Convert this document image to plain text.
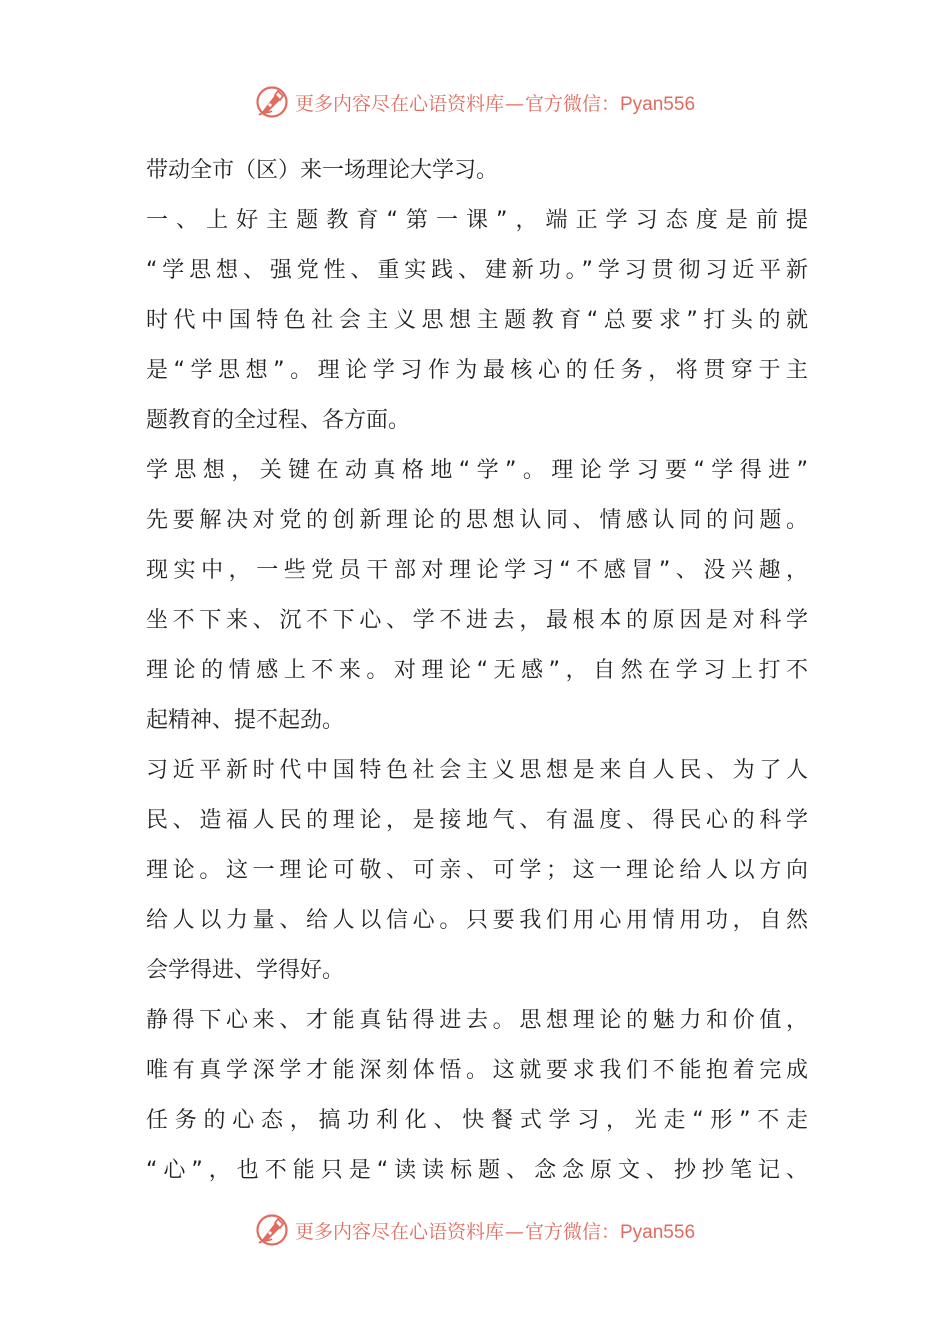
更多内容尽在心语资料库 — 官方微信： Pyan556
带动全市（区）来一场理论大学习。
一、上好主题教育“第一课”，端正学习态度是前提
“学思想、强党性、重实践、建新功。”学习贯彻习近平新
时代中国特色社会主义思想主题教育“总要求”打头的就
是“学思想”。理论学习作为最核心的任务，将贯穿于主
题教育的全过程、各方面。
学思想，关键在动真格地“学”。理论学习要“学得进”
先要解决对党的创新理论的思想认同、情感认同的问题。
现实中，一些党员干部对理论学习“不感冒”、没兴趣，
坐不下来、沉不下心、学不进去，最根本的原因是对科学
理论的情感上不来。对理论“无感”，自然在学习上打不
起精神、提不起劲。
习近平新时代中国特色社会主义思想是来自人民、为了人
民、造福人民的理论，是接地气、有温度、得民心的科学
理论。这一理论可敬、可亲、可学；这一理论给人以方向
给人以力量、给人以信心。只要我们用心用情用功，自然
会学得进、学得好。
静得下心来、才能真钻得进去。思想理论的魅力和价值，
唯有真学深学才能深刻体悟。这就要求我们不能抱着完成
任务的心态，搞功利化、快餐式学习，光走“形”不走
“心”，也不能只是“读读标题、念念原文、抄抄笔记、
更多内容尽在心语资料库 — 官方微信： Pyan556
